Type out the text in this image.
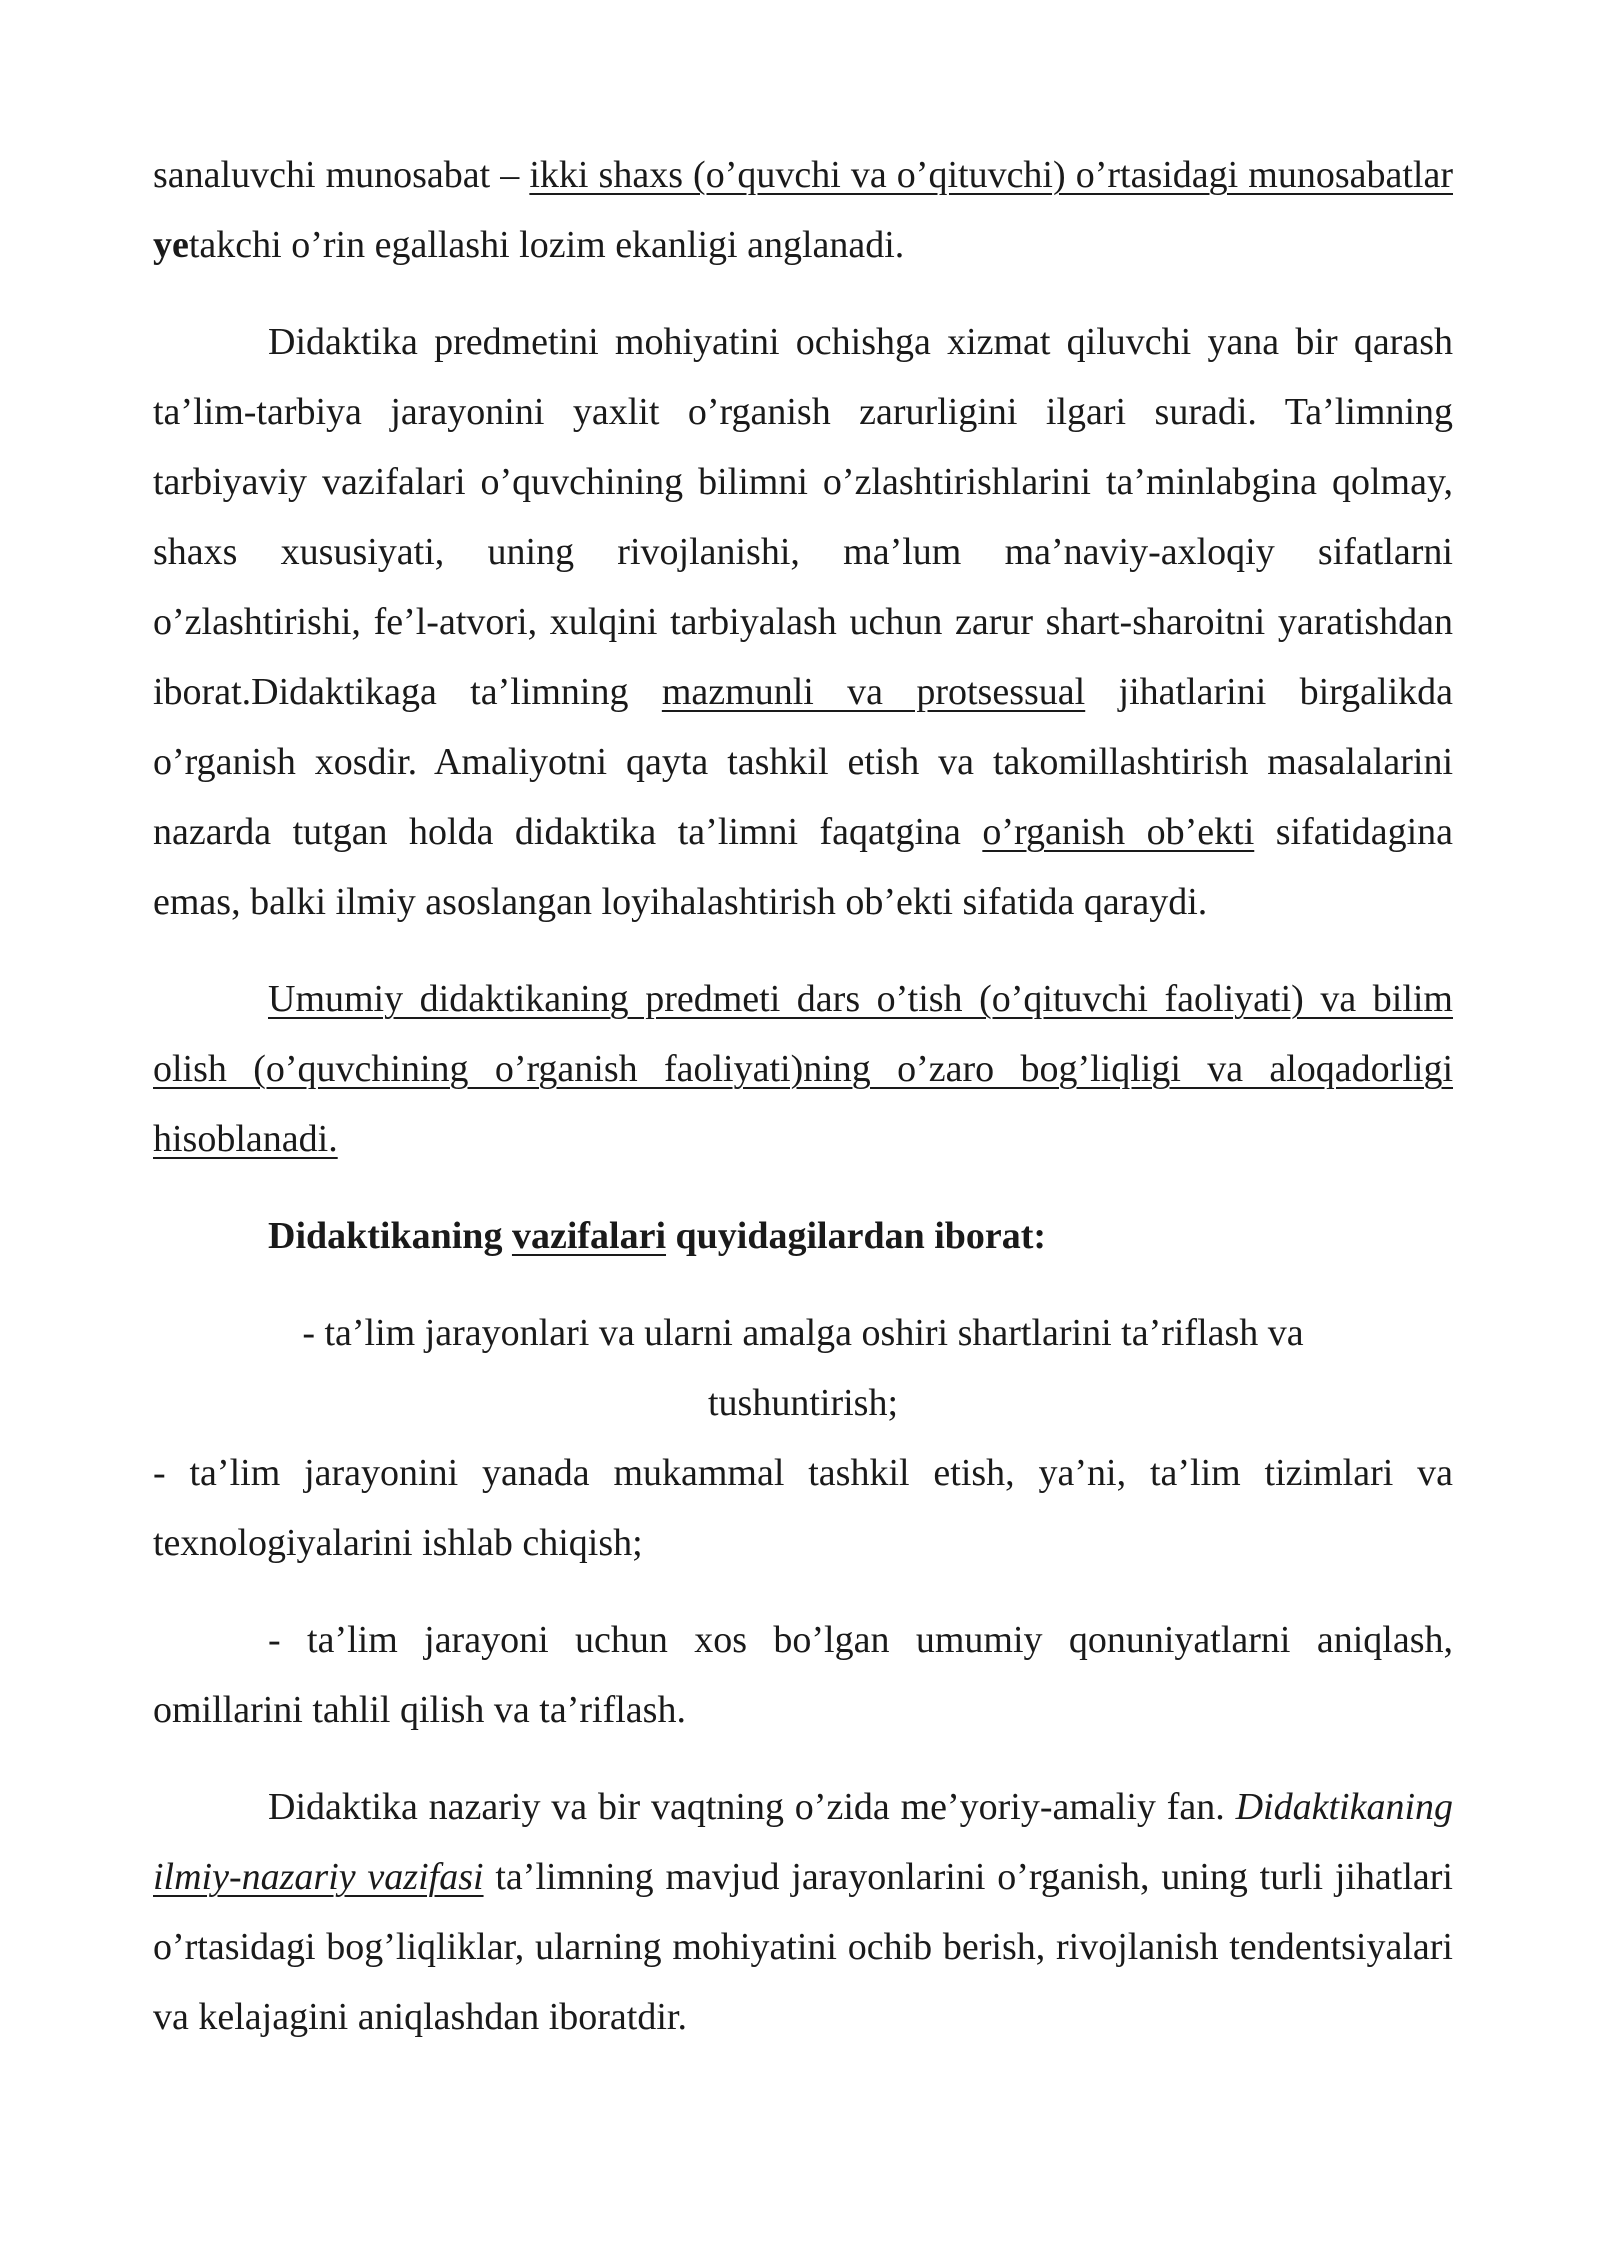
sanaluvchi munosabat – ikki shaxs (o’quvchi va o’qituvchi) o’rtasidagi munosabatlar yetakchi o’rin egallashi lozim ekanligi anglanadi.

Didaktika predmetini mohiyatini ochishga xizmat qiluvchi yana bir qarash ta’lim-tarbiya jarayonini yaxlit o’rganish zarurligini ilgari suradi. Ta’limning tarbiyaviy vazifalari o’quvchining bilimni o’zlashtirishlarini ta’minlabgina qolmay, shaxs xususiyati, uning rivojlanishi, ma’lum ma’naviy-axloqiy sifatlarni o’zlashtirishi, fe’l-atvori, xulqini tarbiyalash uchun zarur shart-sharoitni yaratishdan iborat.Didaktikaga ta’limning mazmunli va protsessual jihatlarini birgalikda o’rganish xosdir. Amaliyotni qayta tashkil etish va takomillashtirish masalalarini nazarda tutgan holda didaktika ta’limni faqatgina o’rganish ob’ekti sifatidagina emas, balki ilmiy asoslangan loyihalashtirish ob’ekti sifatida qaraydi.

Umumiy didaktikaning predmeti dars o’tish (o’qituvchi faoliyati) va bilim olish (o’quvchining o’rganish faoliyati)ning o’zaro bog’liqligi va aloqadorligi hisoblanadi.

Didaktikaning vazifalari quyidagilardan iborat:

- ta’lim jarayonlari va ularni amalga oshiri shartlarini ta’riflash va tushuntirish;

- ta’lim jarayonini yanada mukammal tashkil etish, ya’ni, ta’lim tizimlari va texnologiyalarini ishlab chiqish;

- ta’lim jarayoni uchun xos bo’lgan umumiy qonuniyatlarni aniqlash, omillarini tahlil qilish va ta’riflash.

Didaktika nazariy va bir vaqtning o’zida me’yoriy-amaliy fan. Didaktikaning ilmiy-nazariy vazifasi ta’limning mavjud jarayonlarini o’rganish, uning turli jihatlari o’rtasidagi bog’liqliklar, ularning mohiyatini ochib berish, rivojlanish tendentsiyalari va kelajagini aniqlashdan iboratdir.
